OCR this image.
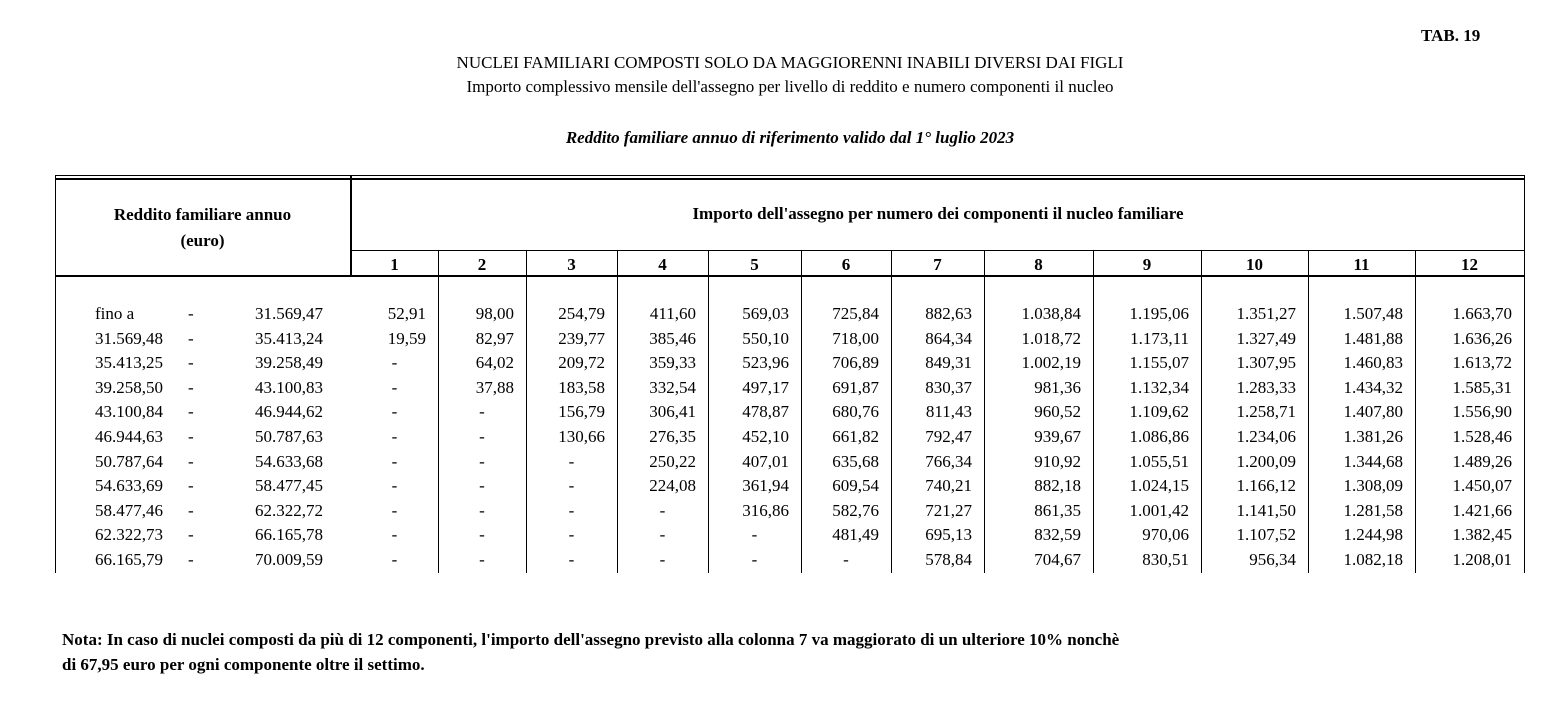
TAB. 19
NUCLEI FAMILIARI COMPOSTI SOLO DA MAGGIORENNI INABILI DIVERSI DAI FIGLI
Importo complessivo mensile dell'assegno per livello di reddito e numero componenti il nucleo
Reddito familiare annuo di riferimento valido dal 1° luglio 2023
Reddito familiare annuo
(euro)
Importo dell'assegno per numero dei componenti il nucleo familiare
1	2	3	4	5	6	7	8	9	10	11	12
fino a	-	31.569,47	52,91	98,00	254,79	411,60	569,03	725,84	882,63	1.038,84	1.195,06	1.351,27	1.507,48	1.663,70
31.569,48 -	35.413,24	19,59	82,97	239,77	385,46	550,10	718,00	864,34	1.018,72	1.173,11	1.327,49	1.481,88	1.636,26
35.413,25 -	39.258,49	-	64,02	209,72	359,33	523,96	706,89	849,31	1.002,19	1.155,07	1.307,95	1.460,83	1.613,72
39.258,50 -	43.100,83	-	37,88	183,58	332,54	497,17	691,87	830,37	981,36	1.132,34	1.283,33	1.434,32	1.585,31
43.100,84 -	46.944,62	-	-	156,79	306,41	478,87	680,76	811,43	960,52	1.109,62	1.258,71	1.407,80	1.556,90
46.944,63 -	50.787,63	-	-	130,66	276,35	452,10	661,82	792,47	939,67	1.086,86	1.234,06	1.381,26	1.528,46
50.787,64 -	54.633,68	-	-	-	250,22	407,01	635,68	766,34	910,92	1.055,51	1.200,09	1.344,68	1.489,26
54.633,69 -	58.477,45	-	-	-	224,08	361,94	609,54	740,21	882,18	1.024,15	1.166,12	1.308,09	1.450,07
58.477,46 -	62.322,72	-	-	-	-	316,86	582,76	721,27	861,35	1.001,42	1.141,50	1.281,58	1.421,66
62.322,73 -	66.165,78	-	-	-	-	-	481,49	695,13	832,59	970,06	1.107,52	1.244,98	1.382,45
66.165,79 -	70.009,59	-	-	-	-	-	-	578,84	704,67	830,51	956,34	1.082,18	1.208,01
Nota: In caso di nuclei composti da più di 12 componenti, l'importo dell'assegno previsto alla colonna 7 va maggiorato di un ulteriore 10% nonchè
di 67,95 euro per ogni componente oltre il settimo.
